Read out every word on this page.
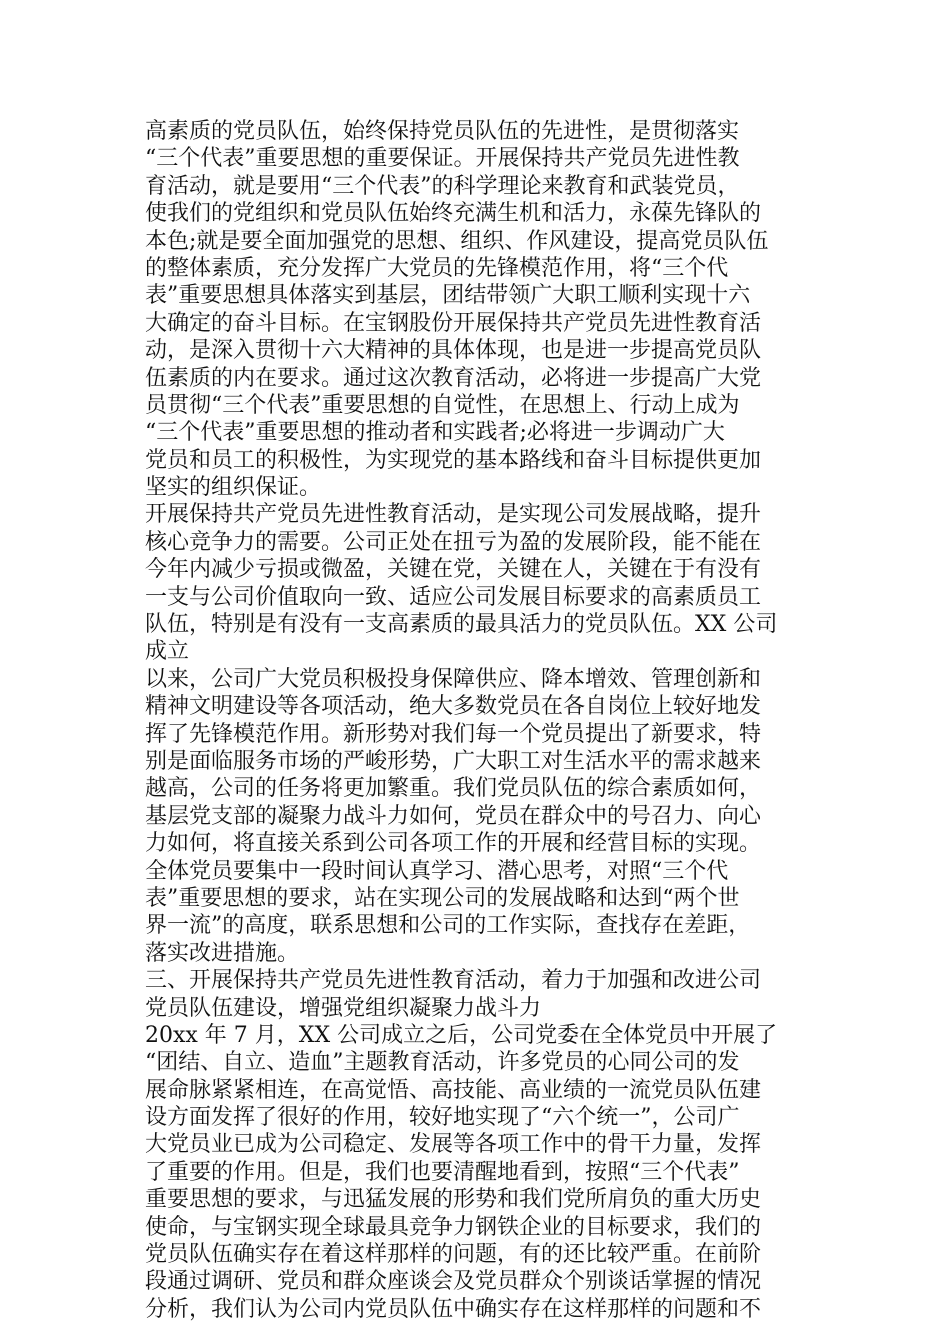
高素质的党员队伍，始终保持党员队伍的先进性，是贯彻落实
“三个代表”重要思想的重要保证。开展保持共产党员先进性教
育活动，就是要用“三个代表”的科学理论来教育和武装党员，
使我们的党组织和党员队伍始终充满生机和活力，永葆先锋队的
本色;就是要全面加强党的思想、组织、作风建设，提高党员队伍
的整体素质，充分发挥广大党员的先锋模范作用，将“三个代
表”重要思想具体落实到基层，团结带领广大职工顺利实现十六
大确定的奋斗目标。在宝钢股份开展保持共产党员先进性教育活
动，是深入贯彻十六大精神的具体体现，也是进一步提高党员队
伍素质的内在要求。通过这次教育活动，必将进一步提高广大党
员贯彻“三个代表”重要思想的自觉性，在思想上、行动上成为
“三个代表”重要思想的推动者和实践者;必将进一步调动广大
党员和员工的积极性，为实现党的基本路线和奋斗目标提供更加
坚实的组织保证。
开展保持共产党员先进性教育活动，是实现公司发展战略，提升
核心竞争力的需要。公司正处在扭亏为盈的发展阶段，能不能在
今年内减少亏损或微盈，关键在党，关键在人，关键在于有没有
一支与公司价值取向一致、适应公司发展目标要求的高素质员工
队伍，特别是有没有一支高素质的最具活力的党员队伍。XX 公司
成立
以来，公司广大党员积极投身保障供应、降本增效、管理创新和
精神文明建设等各项活动，绝大多数党员在各自岗位上较好地发
挥了先锋模范作用。新形势对我们每一个党员提出了新要求，特
别是面临服务市场的严峻形势，广大职工对生活水平的需求越来
越高，公司的任务将更加繁重。我们党员队伍的综合素质如何，
基层党支部的凝聚力战斗力如何，党员在群众中的号召力、向心
力如何，将直接关系到公司各项工作的开展和经营目标的实现。
全体党员要集中一段时间认真学习、潜心思考，对照“三个代
表”重要思想的要求，站在实现公司的发展战略和达到“两个世
界一流”的高度，联系思想和公司的工作实际，查找存在差距，
落实改进措施。
三、开展保持共产党员先进性教育活动，着力于加强和改进公司
党员队伍建设，增强党组织凝聚力战斗力
20xx 年 7 月，XX 公司成立之后，公司党委在全体党员中开展了
“团结、自立、造血”主题教育活动，许多党员的心同公司的发
展命脉紧紧相连，在高觉悟、高技能、高业绩的一流党员队伍建
设方面发挥了很好的作用，较好地实现了“六个统一”，公司广
大党员业已成为公司稳定、发展等各项工作中的骨干力量，发挥
了重要的作用。但是，我们也要清醒地看到，按照“三个代表”
重要思想的要求，与迅猛发展的形势和我们党所肩负的重大历史
使命，与宝钢实现全球最具竞争力钢铁企业的目标要求，我们的
党员队伍确实存在着这样那样的问题，有的还比较严重。在前阶
段通过调研、党员和群众座谈会及党员群众个别谈话掌握的情况
分析，我们认为公司内党员队伍中确实存在这样那样的问题和不
